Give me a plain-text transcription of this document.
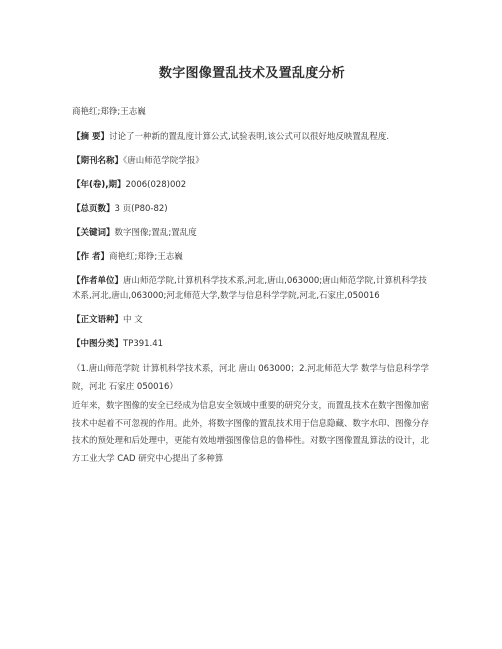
数字图像置乱技术及置乱度分析
商艳红;郑铮;王志巍
【摘 要】讨论了一种新的置乱度计算公式,试验表明,该公式可以很好地反映置乱程度.
【期刊名称】《唐山师范学院学报》
【年(卷),期】2006(028)002
【总页数】3 页(P80-82)
【关键词】数字图像;置乱;置乱度
【作 者】商艳红;郑铮;王志巍
【作者单位】唐山师范学院,计算机科学技术系,河北,唐山,063000;唐山师范学院,计算机科学技术系,河北,唐山,063000;河北师范大学,数学与信息科学学院,河北,石家庄,050016
【正文语种】中 文
【中图分类】TP391.41
（1.唐山师范学院 计算机科学技术系，河北 唐山 063000；2.河北师范大学 数学与信息科学学院，河北 石家庄 050016）
近年来，数字图像的安全已经成为信息安全领域中重要的研究分支，而置乱技术在数字图像加密技术中起着不可忽视的作用。此外，将数字图像的置乱技术用于信息隐藏、数字水印、图像分存技术的预处理和后处理中，更能有效地增强图像信息的鲁棒性。对数字图像置乱算法的设计，北方工业大学 CAD 研究中心提出了多种算
